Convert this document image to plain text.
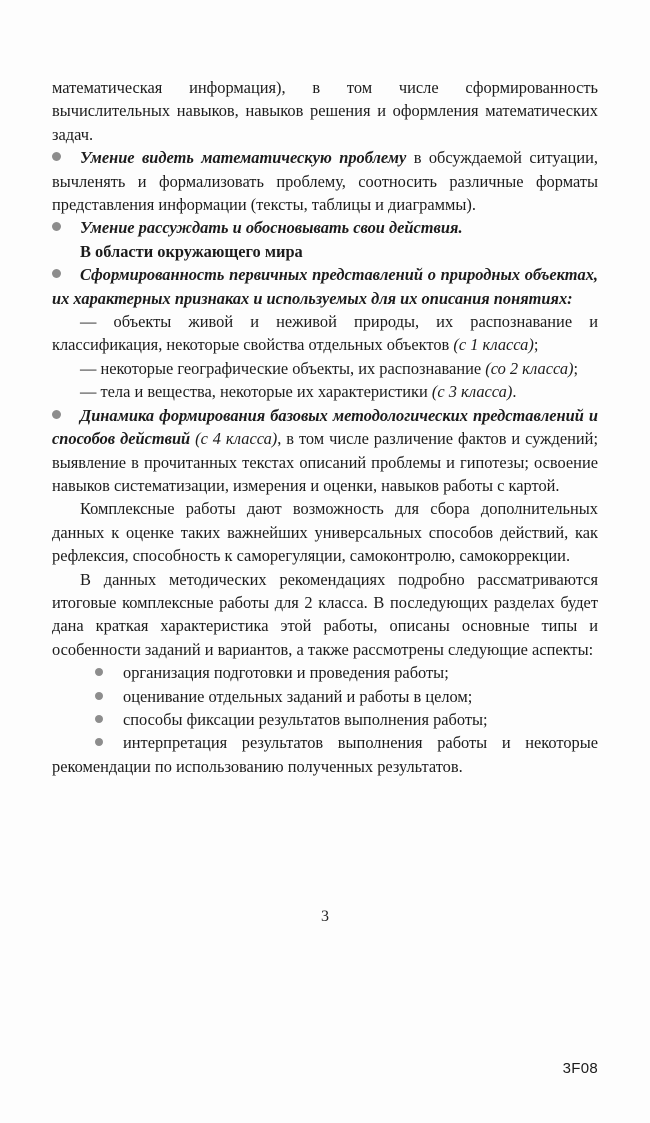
математическая информация), в том числе сформированность вычислительных навыков, навыков решения и оформления математических задач.

Умение видеть математическую проблему в обсуждаемой ситуации, вычленять и формализовать проблему, соотносить различные форматы представления информации (тексты, таблицы и диаграммы).

Умение рассуждать и обосновывать свои действия.

В области окружающего мира

Сформированность первичных представлений о природных объектах, их характерных признаках и используемых для их описания понятиях:

— объекты живой и неживой природы, их распознавание и классификация, некоторые свойства отдельных объектов (с 1 класса);

— некоторые географические объекты, их распознавание (со 2 класса);

— тела и вещества, некоторые их характеристики (с 3 класса).

Динамика формирования базовых методологических представлений и способов действий (с 4 класса), в том числе различение фактов и суждений; выявление в прочитанных текстах описаний проблемы и гипотезы; освоение навыков систематизации, измерения и оценки, навыков работы с картой.

Комплексные работы дают возможность для сбора дополнительных данных к оценке таких важнейших универсальных способов действий, как рефлексия, способность к саморегуляции, самоконтролю, самокоррекции.

В данных методических рекомендациях подробно рассматриваются итоговые комплексные работы для 2 класса. В последующих разделах будет дана краткая характеристика этой работы, описаны основные типы и особенности заданий и вариантов, а также рассмотрены следующие аспекты:

организация подготовки и проведения работы;

оценивание отдельных заданий и работы в целом;

способы фиксации результатов выполнения работы;

интерпретация результатов выполнения работы и некоторые рекомендации по использованию полученных результатов.

3
3F08
